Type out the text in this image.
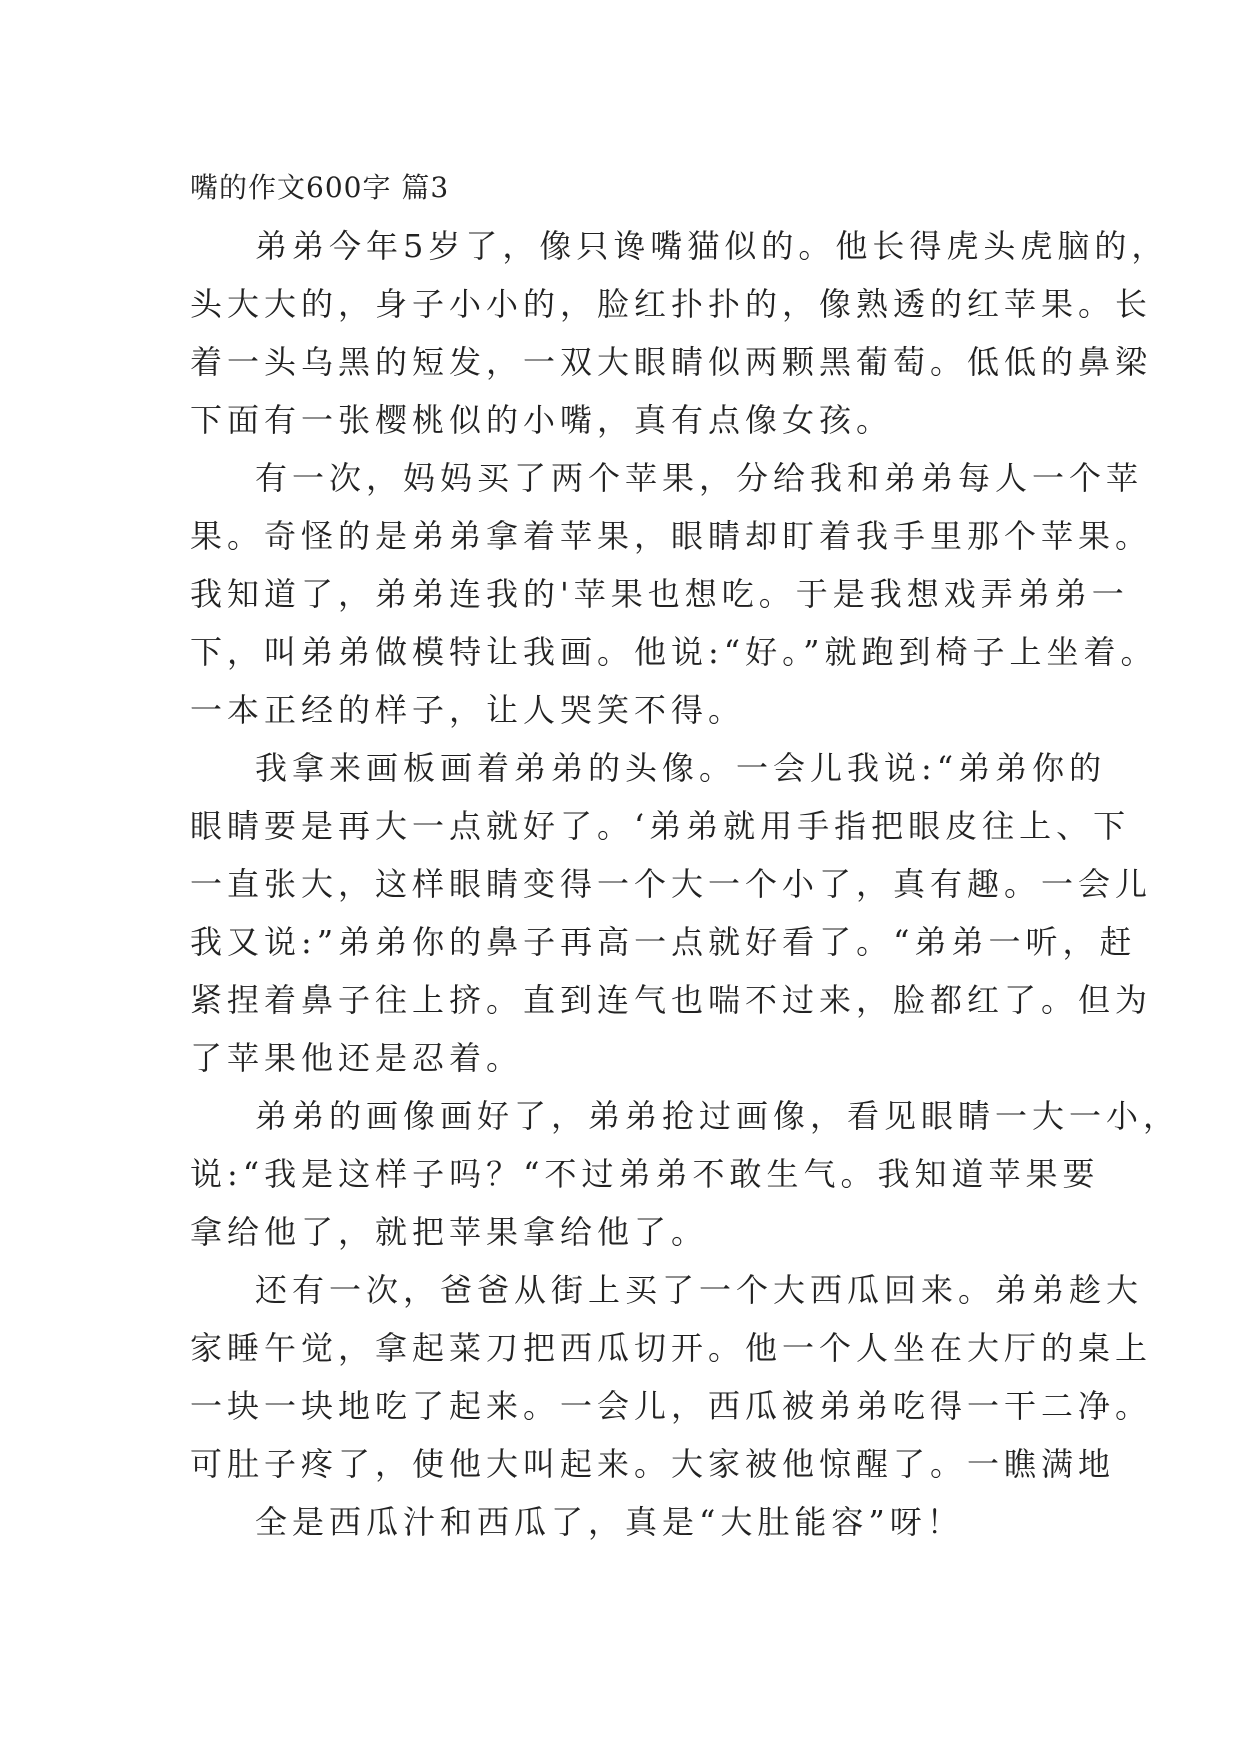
嘴的作文600字 篇3
弟弟今年5岁了，像只谗嘴猫似的。他长得虎头虎脑的，
头大大的，身子小小的，脸红扑扑的，像熟透的红苹果。长
着一头乌黑的短发，一双大眼睛似两颗黑葡萄。低低的鼻梁
下面有一张樱桃似的小嘴，真有点像女孩。
有一次，妈妈买了两个苹果，分给我和弟弟每人一个苹
果。奇怪的是弟弟拿着苹果，眼睛却盯着我手里那个苹果。
我知道了，弟弟连我的'苹果也想吃。于是我想戏弄弟弟一
下，叫弟弟做模特让我画。他说:“好。”就跑到椅子上坐着。
一本正经的样子，让人哭笑不得。
我拿来画板画着弟弟的头像。一会儿我说:“弟弟你的
眼睛要是再大一点就好了。‘弟弟就用手指把眼皮往上、下
一直张大，这样眼睛变得一个大一个小了，真有趣。一会儿
我又说:”弟弟你的鼻子再高一点就好看了。“弟弟一听，赶
紧捏着鼻子往上挤。直到连气也喘不过来，脸都红了。但为
了苹果他还是忍着。
弟弟的画像画好了，弟弟抢过画像，看见眼睛一大一小，
说:“我是这样子吗？“不过弟弟不敢生气。我知道苹果要
拿给他了，就把苹果拿给他了。
还有一次，爸爸从街上买了一个大西瓜回来。弟弟趁大
家睡午觉，拿起菜刀把西瓜切开。他一个人坐在大厅的桌上
一块一块地吃了起来。一会儿，西瓜被弟弟吃得一干二净。
可肚子疼了，使他大叫起来。大家被他惊醒了。一瞧满地
全是西瓜汁和西瓜了，真是“大肚能容”呀！
